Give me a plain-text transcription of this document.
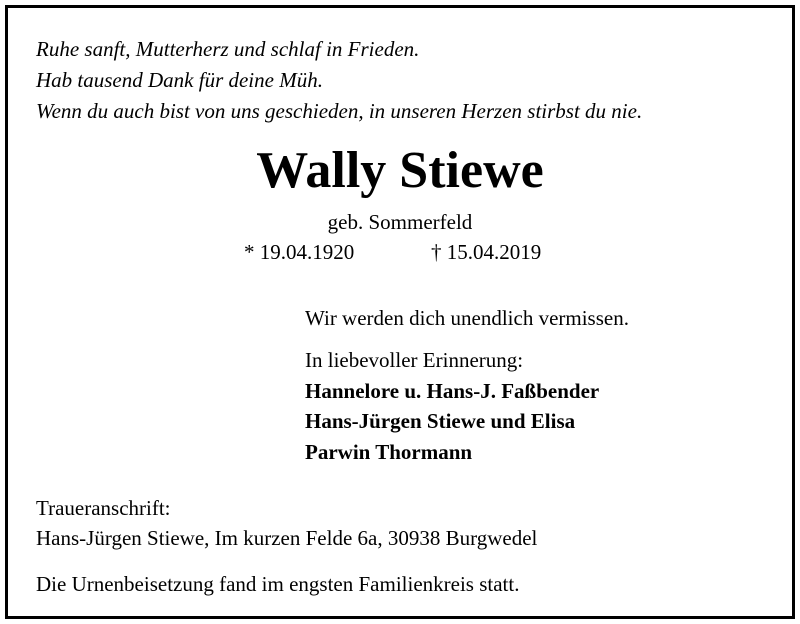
Ruhe sanft, Mutterherz und schlaf in Frieden.
Hab tausend Dank für deine Müh.
Wenn du auch bist von uns geschieden, in unseren Herzen stirbst du nie.
Wally Stiewe
geb. Sommerfeld
* 19.04.1920	† 15.04.2019
Wir werden dich unendlich vermissen.
In liebevoller Erinnerung:
Hannelore u. Hans-J. Faßbender
Hans-Jürgen Stiewe und Elisa
Parwin Thormann
Traueranschrift:
Hans-Jürgen Stiewe, Im kurzen Felde 6a, 30938 Burgwedel
Die Urnenbeisetzung fand im engsten Familienkreis statt.
